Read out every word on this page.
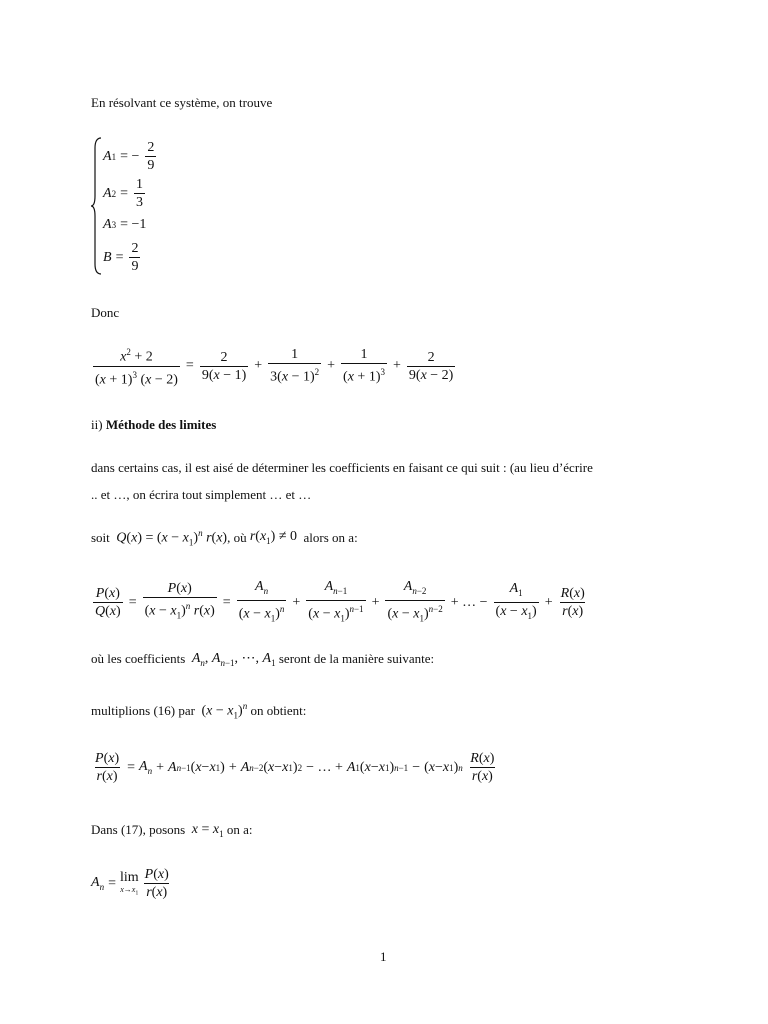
En résolvant ce système, on trouve
A 1 = − $\frac{2}{9}$
A $2 = \frac{1}{3}$
A 3 = −1
$B = \frac{2}{9}$
Donc
$\frac{x^2 + 2}{(x + 1)^3 (x - 2)} = \frac{2}{9(x - 1)} + \frac{1}{3(x - 1)^2} + \frac{1}{(x + 1)^3} + \frac{2}{9(x - 2)}$
ii) Méthode des limites
dans certains cas, il est aisé de déterminer les coefficients en faisant ce qui suit : (au lieu d’écrire
.. et …, on écrira tout simplement … et …
soit
$Q(x) = (x - x_1)^n$ r(x) , où
$r(x_1) \ne 0$
alors on a:
$\frac{P(x)}{Q(x)} = \frac{P(x)}{(x - x_1)^n r(x)} = \frac{A_n}{(x - x_1)^n} + \frac{A_{n-1}}{(x - x_1)^{n-1}} + \frac{A_{n-2}}{(x - x_1)^{n-2}}$ + … − $\frac{A_1}{(x - x_1)} + \frac{R(x)}{r(x)}$
où les coefficients
$A_n$, $A_{n-1}$, ⋯, $A_1$
seront de la manière suivante:
multiplions (16) par
$(x - x_1)^n$
on obtient:
$\frac{P(x)}{r(x)} = A_n + A$ n−1 ( x − x 1 ) + A n−2 ( x − x 1 ) 2 − … + A 1 ( x − x 1 ) n−1 − ( x − x 1 ) n
$\frac{R(x)}{r(x)}$
Dans (17), posons
$x = x_1$
on a:
$A_n = \lim$
$x\to x_1 \frac{P(x)}{r(x)}$
1
